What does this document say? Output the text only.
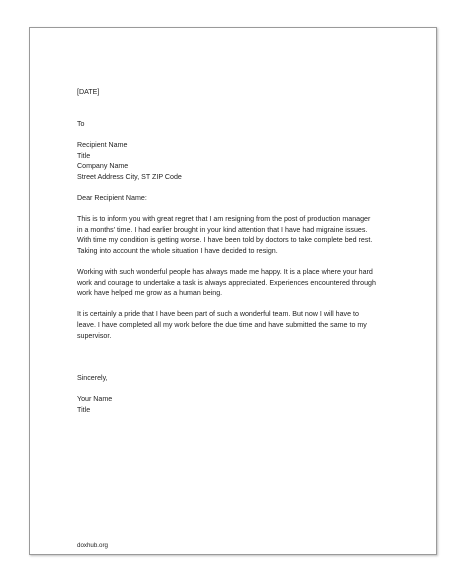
[DATE]
To
Recipient Name
Title
Company Name
Street Address City, ST ZIP Code
Dear Recipient Name:
This is to inform you with great regret that I am resigning from the post of production manager
in a months' time. I had earlier brought in your kind attention that I have had migraine issues.
With time my condition is getting worse. I have been told by doctors to take complete bed rest.
Taking into account the whole situation I have decided to resign.
Working with such wonderful people has always made me happy. It is a place where your hard
work and courage to undertake a task is always appreciated. Experiences encountered through
work have helped me grow as a human being.
It is certainly a pride that I have been part of such a wonderful team. But now I will have to
leave. I have completed all my work before the due time and have submitted the same to my
supervisor.
Sincerely,
Your Name
Title
doxhub.org
